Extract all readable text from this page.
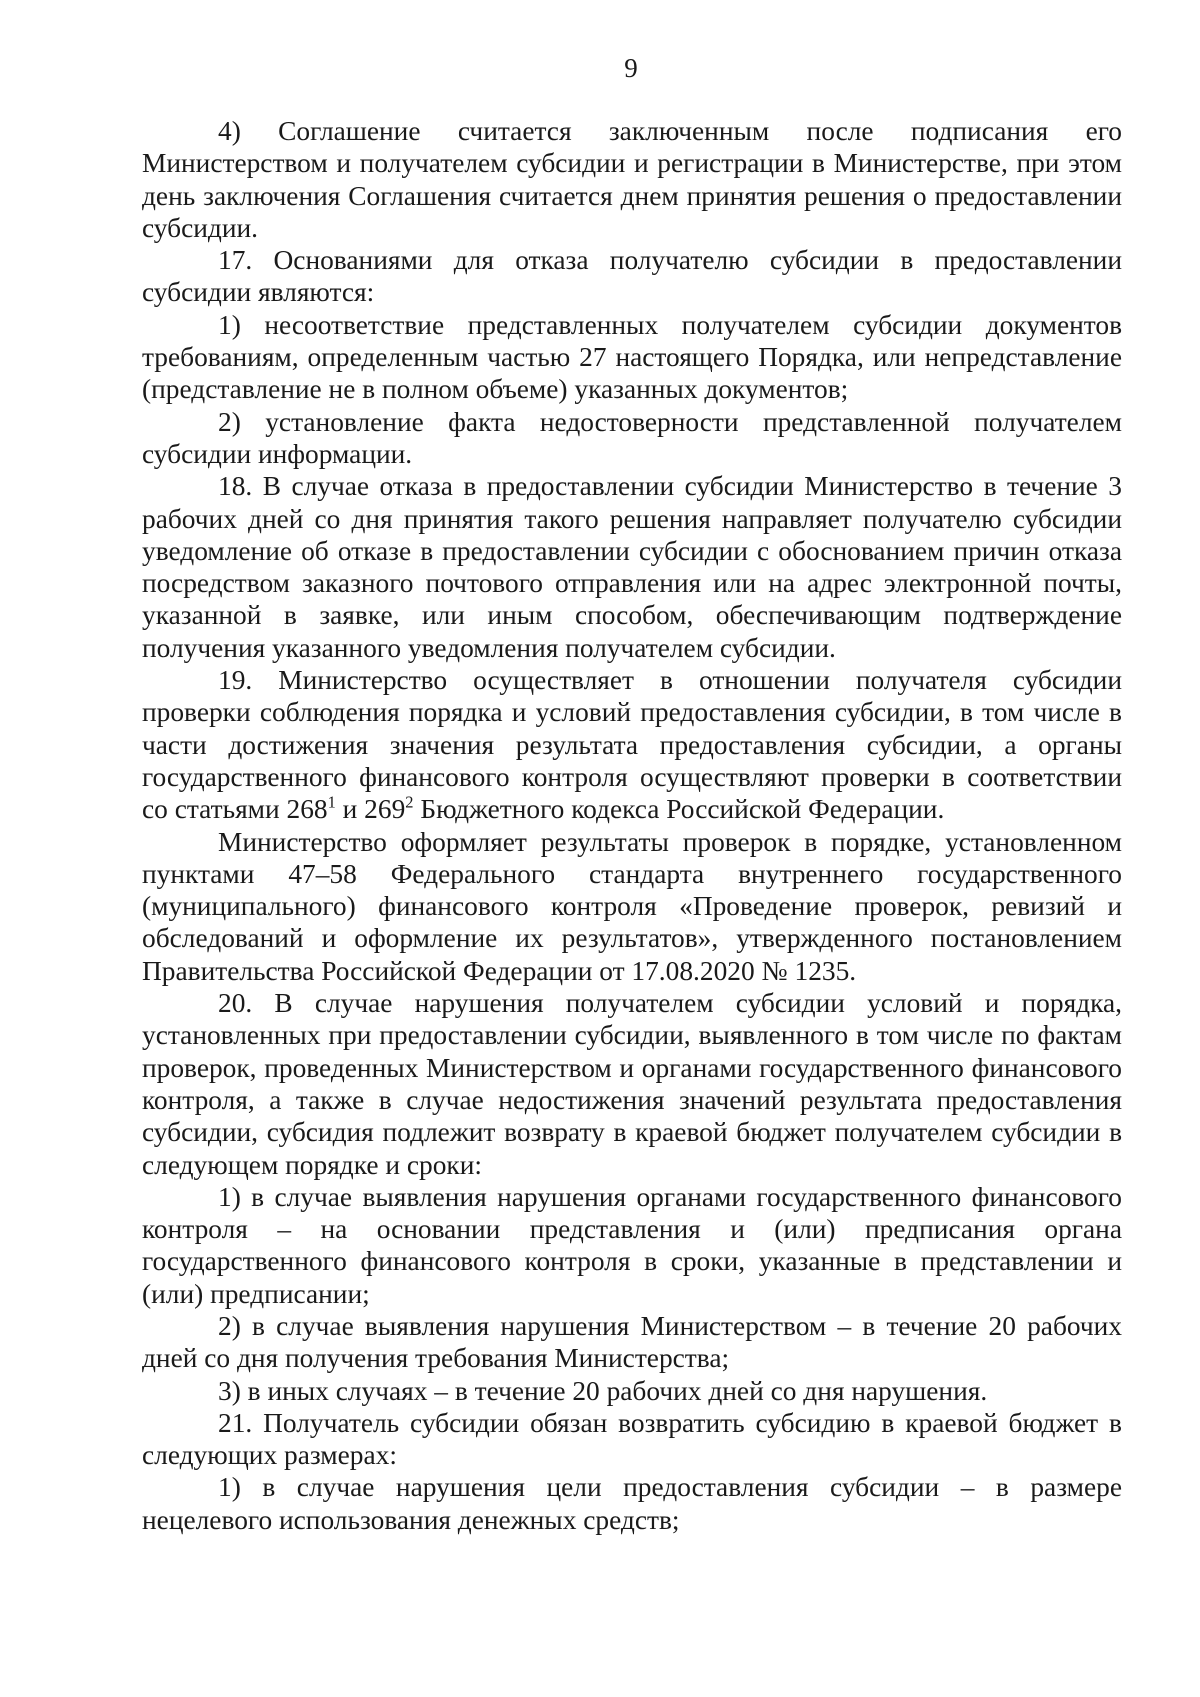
9

4) Соглашение считается заключенным после подписания его Министерством и получателем субсидии и регистрации в Министерстве, при этом день заключения Соглашения считается днем принятия решения о предоставлении субсидии.

17. Основаниями для отказа получателю субсидии в предоставлении субсидии являются:

1) несоответствие представленных получателем субсидии документов требованиям, определенным частью 27 настоящего Порядка, или непредставление (представление не в полном объеме) указанных документов;

2) установление факта недостоверности представленной получателем субсидии информации.

18. В случае отказа в предоставлении субсидии Министерство в течение 3 рабочих дней со дня принятия такого решения направляет получателю субсидии уведомление об отказе в предоставлении субсидии с обоснованием причин отказа посредством заказного почтового отправления или на адрес электронной почты, указанной в заявке, или иным способом, обеспечивающим подтверждение получения указанного уведомления получателем субсидии.

19. Министерство осуществляет в отношении получателя субсидии проверки соблюдения порядка и условий предоставления субсидии, в том числе в части достижения значения результата предоставления субсидии, а органы государственного финансового контроля осуществляют проверки в соответствии со статьями $268^1$ и $269^2$ Бюджетного кодекса Российской Федерации.

Министерство оформляет результаты проверок в порядке, установленном пунктами 47–58 Федерального стандарта внутреннего государственного (муниципального) финансового контроля «Проведение проверок, ревизий и обследований и оформление их результатов», утвержденного постановлением Правительства Российской Федерации от 17.08.2020 № 1235.

20. В случае нарушения получателем субсидии условий и порядка, установленных при предоставлении субсидии, выявленного в том числе по фактам проверок, проведенных Министерством и органами государственного финансового контроля, а также в случае недостижения значений результата предоставления субсидии, субсидия подлежит возврату в краевой бюджет получателем субсидии в следующем порядке и сроки:

1) в случае выявления нарушения органами государственного финансового контроля – на основании представления и (или) предписания органа государственного финансового контроля в сроки, указанные в представлении и (или) предписании;

2) в случае выявления нарушения Министерством – в течение 20 рабочих дней со дня получения требования Министерства;

3) в иных случаях – в течение 20 рабочих дней со дня нарушения.

21. Получатель субсидии обязан возвратить субсидию в краевой бюджет в следующих размерах:

1) в случае нарушения цели предоставления субсидии – в размере нецелевого использования денежных средств;
